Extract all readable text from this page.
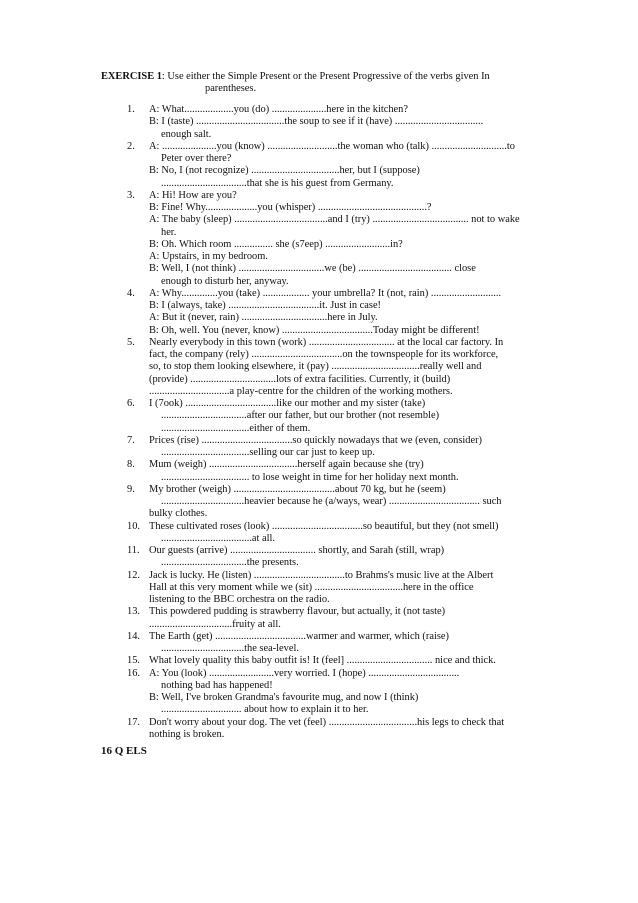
EXERCISE 1: Use either the Simple Present or the Present Progressive of the verbs given In
parentheses.
1. A: What...................you (do) .....................here in the kitchen?
B: I (taste) ..................................the soup to see if it (have) ..................................
enough salt.
2. A: .....................you (know) ...........................the woman who (talk) .............................to
Peter over there?
B: No, I (not recognize) ..................................her, but I (suppose)
.................................that she is his guest from Germany.
3. A: Hi! How are you?
B: Fine! Why....................you (whisper) ..........................................?
A: The baby (sleep) ....................................and I (try) ..................................... not to wake
her.
B: Oh. Which room ............... she (s7eep) .........................in?
A: Upstairs, in my bedroom.
B: Well, I (not think) .................................we (be) .................................... close
enough to disturb her, anyway.
4. A: Why..............you (take) .................. your umbrella? It (not, rain) ...........................
B: I (always, take) ...................................it. Just in case!
A: But it (never, rain) .................................here in July.
B: Oh, well. You (never, know) ...................................Today might be different!
5. Nearly everybody in this town (work) ................................. at the local car factory. In
fact, the company (rely) ...................................on the townspeople for its workforce,
so, to stop them looking elsewhere, it (pay) ..................................really well and
(provide) .................................lots of extra facilities. Currently, it (build)
...............................a play-centre for the children of the working mothers.
6. I (7ook) ...................................like our mother and my sister (take)
.................................after our father, but our brother (not resemble)
..................................either of them.
7. Prices (rise) ...................................so quickly nowadays that we (even, consider)
..................................selling our car just to keep up.
8. Mum (weigh) ..................................herself again because she (try)
.................................. to lose weight in time for her holiday next month.
9. My brother (weigh) .......................................about 70 kg, but he (seem)
................................heavier because he (a/ways, wear) ................................... such
bulky clothes.
10. These cultivated roses (look) ...................................so beautiful, but they (not smell)
...................................at all.
11. Our guests (arrive) ................................. shortly, and Sarah (still, wrap)
.................................the presents.
12. Jack is lucky. He (listen) ...................................to Brahms's music live at the Albert
Hall at this very moment while we (sit) ..................................here in the office
listening to the BBC orchestra on the radio.
13. This powdered pudding is strawberry flavour, but actually, it (not taste)
................................fruity at all.
14. The Earth (get) ...................................warmer and warmer, which (raise)
................................the sea-level.
15. What lovely quality this baby outfit is! It (feel] ................................. nice and thick.
16. A: You (look) .........................very worried. I (hope) ...................................
nothing bad has happened!
B: Well, I've broken Grandma's favourite mug, and now I (think)
............................... about how to explain it to her.
17. Don't worry about your dog. The vet (feel) ..................................his legs to check that
nothing is broken.
16 Q ELS
